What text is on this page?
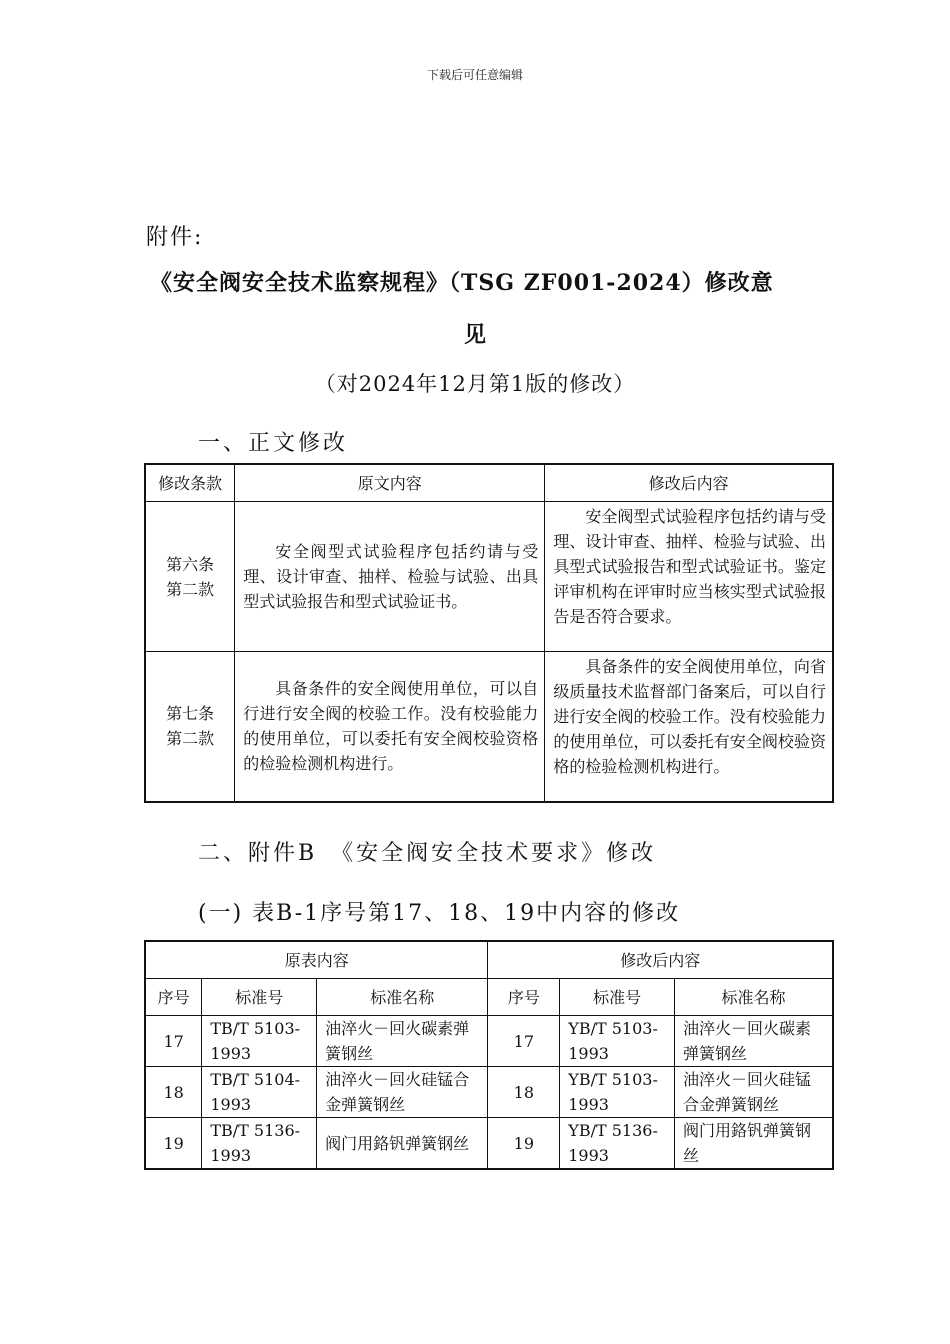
下载后可任意编辑
附件:
《安全阀安全技术监察规程》（TSG ZF001-2024）修改意
见
（对2024年12月第1版的修改）
一、正文修改
修改条款	原文内容	修改后内容

第六条
第二款	安全阀型式试验程序包括约请与受理、设计审查、抽样、检验与试验、出具型式试验报告和型式试验证书。	安全阀型式试验程序包括约请与受理、设计审查、抽样、检验与试验、出具型式试验报告和型式试验证书。鉴定评审机构在评审时应当核实型式试验报告是否符合要求。

第七条
第二款	具备条件的安全阀使用单位，可以自行进行安全阀的校验工作。没有校验能力的使用单位，可以委托有安全阀校验资格的检验检测机构进行。	具备条件的安全阀使用单位，向省级质量技术监督部门备案后，可以自行进行安全阀的校验工作。没有校验能力的使用单位，可以委托有安全阀校验资格的检验检测机构进行。
二、附件B　《安全阀安全技术要求》修改
(一) 表B-1序号第17、18、19中内容的修改
原表内容			修改后内容		
序号	标准号	标准名称	序号	标准号	标准名称
17	TB/T 5103-1993	油淬火－回火碳素弹簧钢丝	17	YB/T 5103-1993	油淬火－回火碳素弹簧钢丝
18	TB/T 5104-1993	油淬火－回火硅锰合金弹簧钢丝	18	YB/T 5103-1993	油淬火－回火硅锰合金弹簧钢丝
19	TB/T 5136-1993	阀门用鉻钒弹簧钢丝	19	YB/T 5136-1993	阀门用鉻钒弹簧钢丝
